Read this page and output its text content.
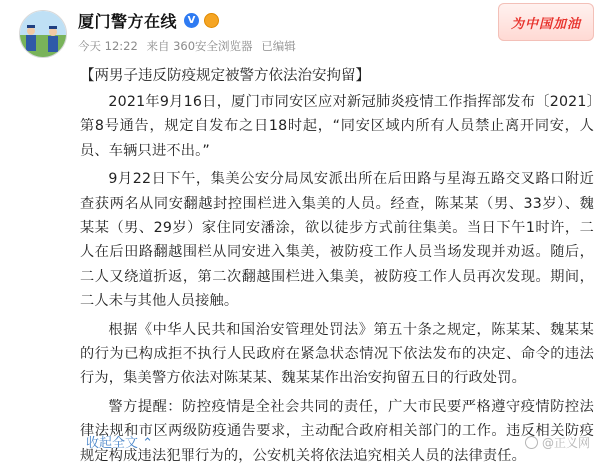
厦门警方在线	V
今天 12:22 来自 360安全浏览器 已编辑
为中国加油
【两男子违反防疫规定被警方依法治安拘留】

2021年9月16日，厦门市同安区应对新冠肺炎疫情工作指挥部发布〔2021〕第8号通告，规定自发布之日18时起，“同安区域内所有人员禁止离开同安，人员、车辆只进不出。”

9月22日下午，集美公安分局凤安派出所在后田路与星海五路交叉路口附近查获两名从同安翻越封控围栏进入集美的人员。经查，陈某某（男、33岁）、魏某某（男、29岁）家住同安潘涂，欲以徒步方式前往集美。当日下午1时许，二人在后田路翻越围栏从同安进入集美，被防疫工作人员当场发现并劝返。随后，二人又绕道折返，第二次翻越围栏进入集美，被防疫工作人员再次发现。期间，二人未与其他人员接触。

根据《中华人民共和国治安管理处罚法》第五十条之规定，陈某某、魏某某的行为已构成拒不执行人民政府在紧急状态情况下依法发布的决定、命令的违法行为，集美警方依法对陈某某、魏某某作出治安拘留五日的行政处罚。

警方提醒：防控疫情是全社会共同的责任，广大市民要严格遵守疫情防控法律法规和市区两级防疫通告要求，主动配合政府相关部门的工作。违反相关防疫规定构成违法犯罪行为的，公安机关将依法追究相关人员的法律责任。

收起全文 ⌃	@正义网
